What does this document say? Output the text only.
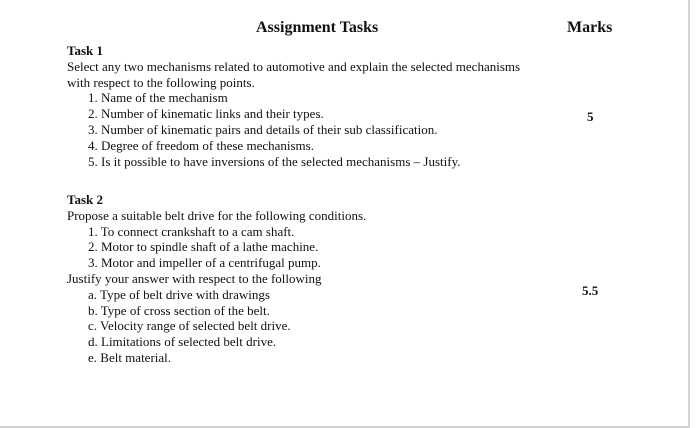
Assignment Tasks	Marks
Task 1
Select any two mechanisms related to automotive and explain the selected mechanisms
with respect to the following points.
1. Name of the mechanism
2. Number of kinematic links and their types.
3. Number of kinematic pairs and details of their sub classification.
4. Degree of freedom of these mechanisms.
5. Is it possible to have inversions of the selected mechanisms – Justify.
5
Task 2
Propose a suitable belt drive for the following conditions.
1. To connect crankshaft to a cam shaft.
2. Motor to spindle shaft of a lathe machine.
3. Motor and impeller of a centrifugal pump.
Justify your answer with respect to the following
a. Type of belt drive with drawings
b. Type of cross section of the belt.
c. Velocity range of selected belt drive.
d. Limitations of selected belt drive.
e. Belt material.
5.5
